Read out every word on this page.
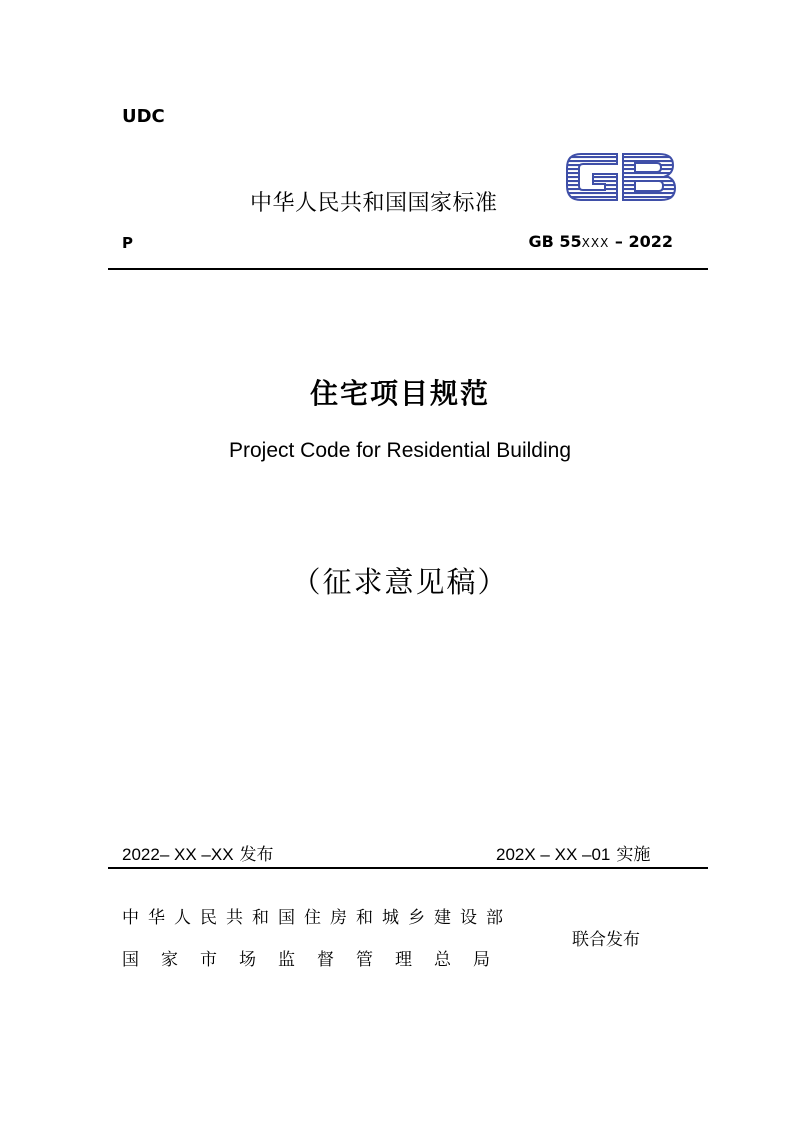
UDC
中华人民共和国国家标准
P	GB 55XXX – 2022
住宅项目规范
Project Code for Residential Building
（征求意见稿）
2022– XX –XX 发布	202X – XX –01 实施
中华人民共和国住房和城乡建设部
国家市场监督管理总局
联合发布
